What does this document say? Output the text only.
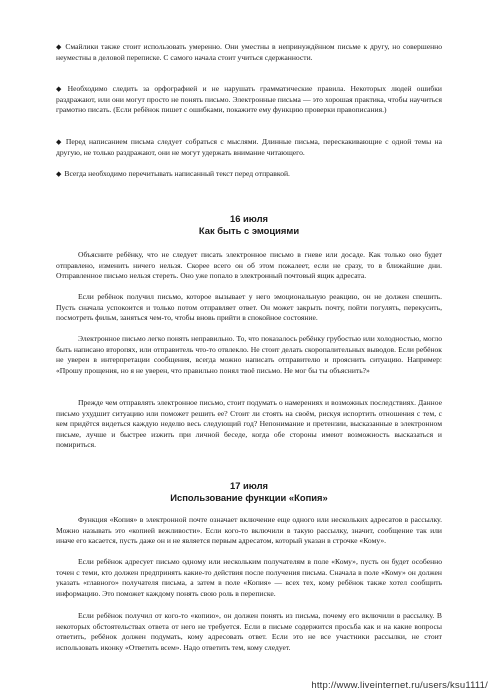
◆ Смайлики также стоит использовать умеренно. Они уместны в непринуждённом письме к другу, но совершенно неуместны в деловой переписке. С самого начала стоит учиться сдержанности.

◆ Необходимо следить за орфографией и не нарушать грамматические правила. Некоторых людей ошибки раздражают, или они могут просто не понять письмо. Электронные письма — это хорошая практика, чтобы научиться грамотно писать. (Если ребёнок пишет с ошибками, покажите ему функцию проверки правописания.)

◆ Перед написанием письма следует собраться с мыслями. Длинные письма, перескакивающие с одной темы на другую, не только раздражают, они не могут удержать внимание читающего.

◆ Всегда необходимо перечитывать написанный текст перед отправкой.

16 июля

Как быть с эмоциями

Объясните ребёнку, что не следует писать электронное письмо в гневе или досаде. Как только оно будет отправлено, изменить ничего нельзя. Скорее всего он об этом пожалеет, если не сразу, то в ближайшие дни. Отправленное письмо нельзя стереть. Оно уже попало в электронный почтовый ящик адресата.

Если ребёнок получил письмо, которое вызывает у него эмоциональную реакцию, он не должен спешить. Пусть сначала успокоится и только потом отправляет ответ. Он может закрыть почту, пойти погулять, перекусить, посмотреть фильм, заняться чем-то, чтобы вновь прийти в спокойное состояние.

Электронное письмо легко понять неправильно. То, что показалось ребёнку грубостью или холодностью, могло быть написано второпях, или отправитель что-то отвлекло. Не стоит делать скоропалительных выводов. Если ребёнок не уверен в интерпретации сообщения, всегда можно написать отправителю и прояснить ситуацию. Например: «Прошу прощения, но я не уверен, что правильно понял твоё письмо. Не мог бы ты объяснить?»

Прежде чем отправлять электронное письмо, стоит подумать о намерениях и возможных последствиях. Данное письмо ухудшит ситуацию или поможет решить ее? Стоит ли стоять на своём, рискуя испортить отношения с тем, с кем придётся видеться каждую неделю весь следующий год? Непонимание и претензии, высказанные в электронном письме, лучше и быстрее изжить при личной беседе, когда обе стороны имеют возможность высказаться и помириться.

17 июля

Использование функции «Копия»

Функция «Копия» в электронной почте означает включение еще одного или нескольких адресатов в рассылку. Можно называть это «копией вежливости». Если кого-то включили в такую рассылку, значит, сообщение так или иначе его касается, пусть даже он и не является первым адресатом, который указан в строчке «Кому».

Если ребёнок адресует письмо одному или нескольким получателям в поле «Кому», пусть он будет особенно точен с теми, кто должен предпринять какие-то действия после получения письма. Сначала в поле «Кому» он должен указать «главного» получателя письма, а затем в поле «Копия» — всех тех, кому ребёнок также хотел сообщить информацию. Это поможет каждому понять свою роль в переписке.

Если ребёнок получил от кого-то «копию», он должен понять из письма, почему его включили в рассылку. В некоторых обстоятельствах ответа от него не требуется. Если в письме содержится просьба как и на какие вопросы ответить, ребёнок должен подумать, кому адресовать ответ. Если это не все участники рассылки, не стоит использовать иконку «Ответить всем». Надо ответить тем, кому следует.

http://www.liveinternet.ru/users/ksu1111/
